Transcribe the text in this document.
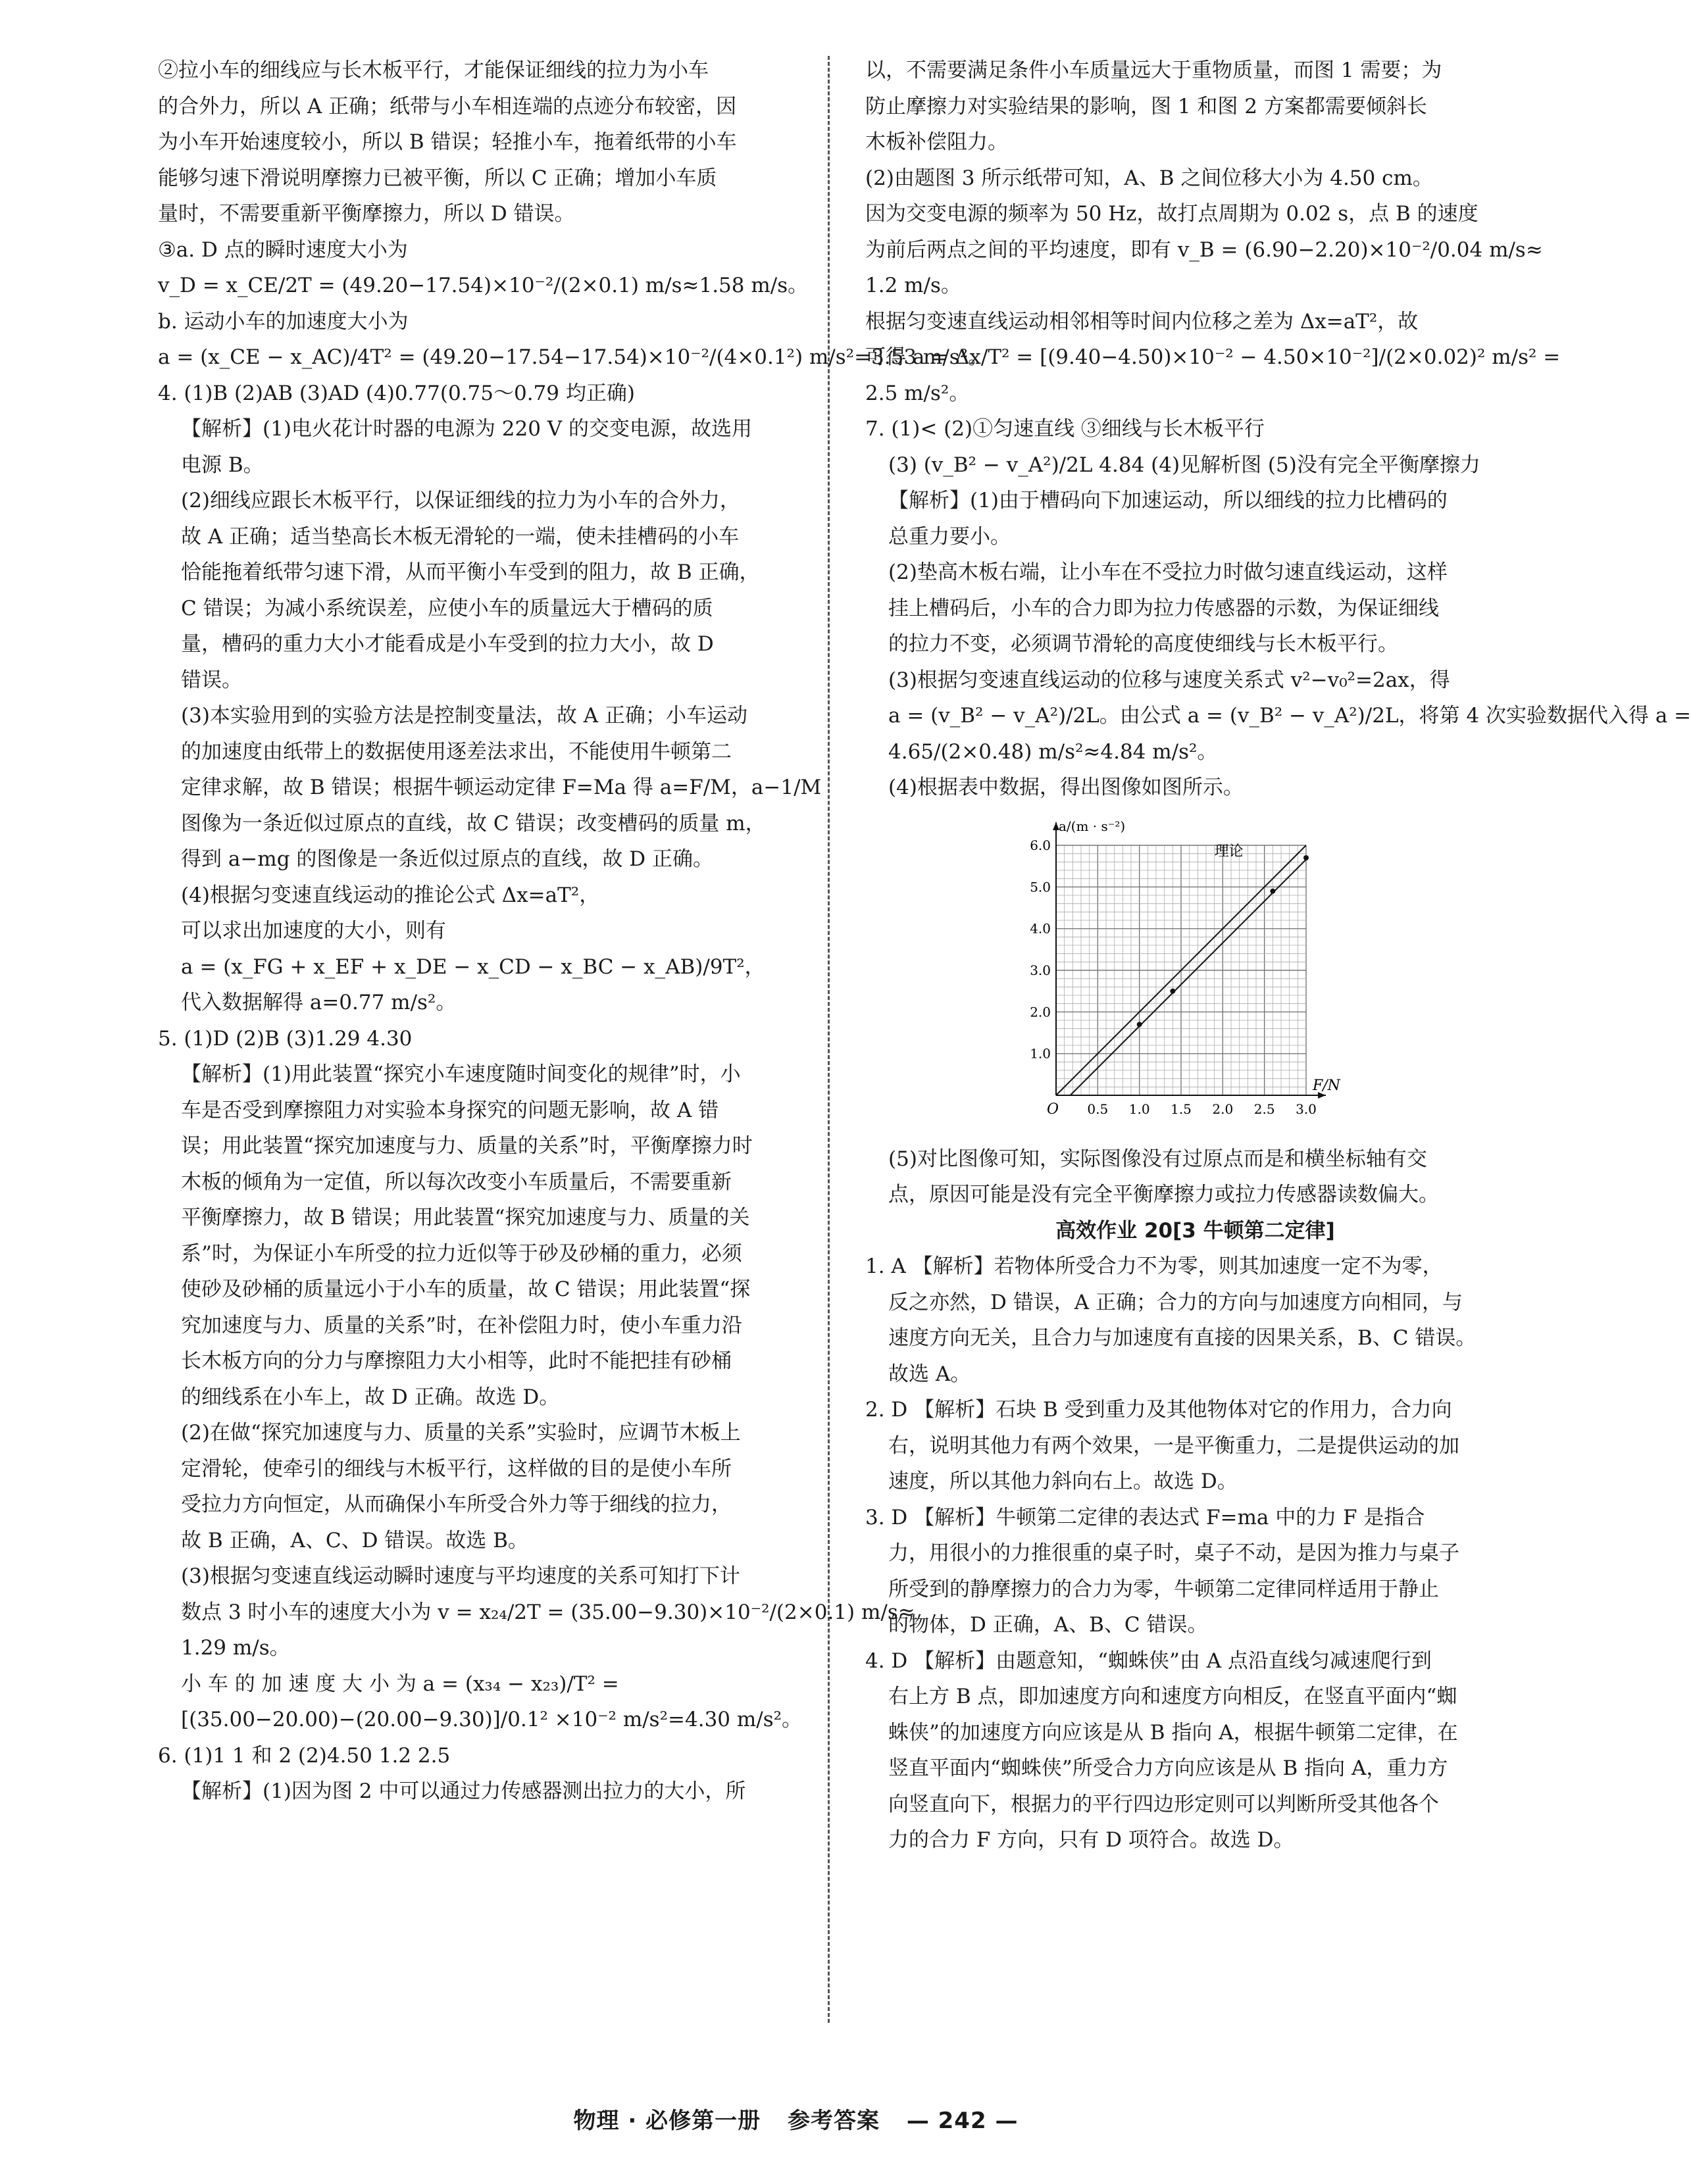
②拉小车的细线应与长木板平行，才能保证细线的拉力为小车

的合外力，所以 A 正确；纸带与小车相连端的点迹分布较密，因

为小车开始速度较小，所以 B 错误；轻推小车，拖着纸带的小车

能够匀速下滑说明摩擦力已被平衡，所以 C 正确；增加小车质

量时，不需要重新平衡摩擦力，所以 D 错误。

③a. D 点的瞬时速度大小为

v_D = x_CE/2T = (49.20−17.54)×10⁻²/(2×0.1) m/s≈1.58 m/s。

b. 运动小车的加速度大小为

a = (x_CE − x_AC)/4T² = (49.20−17.54−17.54)×10⁻²/(4×0.1²) m/s²=3.53 m/s²。

4. (1)B (2)AB (3)AD (4)0.77(0.75～0.79 均正确)

【解析】(1)电火花计时器的电源为 220 V 的交变电源，故选用

电源 B。

(2)细线应跟长木板平行，以保证细线的拉力为小车的合外力，

故 A 正确；适当垫高长木板无滑轮的一端，使未挂槽码的小车

恰能拖着纸带匀速下滑，从而平衡小车受到的阻力，故 B 正确，

C 错误；为减小系统误差，应使小车的质量远大于槽码的质

量，槽码的重力大小才能看成是小车受到的拉力大小，故 D

错误。

(3)本实验用到的实验方法是控制变量法，故 A 正确；小车运动

的加速度由纸带上的数据使用逐差法求出，不能使用牛顿第二

定律求解，故 B 错误；根据牛顿运动定律 F=Ma 得 a=F/M，a−1/M

图像为一条近似过原点的直线，故 C 错误；改变槽码的质量 m，

得到 a−mg 的图像是一条近似过原点的直线，故 D 正确。

(4)根据匀变速直线运动的推论公式 Δx=aT²，

可以求出加速度的大小，则有

a = (x_FG + x_EF + x_DE − x_CD − x_BC − x_AB)/9T²，

代入数据解得 a=0.77 m/s²。

5. (1)D (2)B (3)1.29 4.30

【解析】(1)用此装置“探究小车速度随时间变化的规律”时，小

车是否受到摩擦阻力对实验本身探究的问题无影响，故 A 错

误；用此装置“探究加速度与力、质量的关系”时，平衡摩擦力时

木板的倾角为一定值，所以每次改变小车质量后，不需要重新

平衡摩擦力，故 B 错误；用此装置“探究加速度与力、质量的关

系”时，为保证小车所受的拉力近似等于砂及砂桶的重力，必须

使砂及砂桶的质量远小于小车的质量，故 C 错误；用此装置“探

究加速度与力、质量的关系”时，在补偿阻力时，使小车重力沿

长木板方向的分力与摩擦阻力大小相等，此时不能把挂有砂桶

的细线系在小车上，故 D 正确。故选 D。

(2)在做“探究加速度与力、质量的关系”实验时，应调节木板上

定滑轮，使牵引的细线与木板平行，这样做的目的是使小车所

受拉力方向恒定，从而确保小车所受合外力等于细线的拉力，

故 B 正确，A、C、D 错误。故选 B。

(3)根据匀变速直线运动瞬时速度与平均速度的关系可知打下计

数点 3 时小车的速度大小为 v = x₂₄/2T = (35.00−9.30)×10⁻²/(2×0.1) m/s≈

1.29 m/s。

小 车 的 加 速 度 大 小 为 a = (x₃₄ − x₂₃)/T² =

[(35.00−20.00)−(20.00−9.30)]/0.1² ×10⁻² m/s²=4.30 m/s²。

6. (1)1 1 和 2 (2)4.50 1.2 2.5

【解析】(1)因为图 2 中可以通过力传感器测出拉力的大小，所

以，不需要满足条件小车质量远大于重物质量，而图 1 需要；为

防止摩擦力对实验结果的影响，图 1 和图 2 方案都需要倾斜长

木板补偿阻力。

(2)由题图 3 所示纸带可知，A、B 之间位移大小为 4.50 cm。

因为交变电源的频率为 50 Hz，故打点周期为 0.02 s，点 B 的速度

为前后两点之间的平均速度，即有 v_B = (6.90−2.20)×10⁻²/0.04 m/s≈

1.2 m/s。

根据匀变速直线运动相邻相等时间内位移之差为 Δx=aT²，故

可得 a = Δx/T² = [(9.40−4.50)×10⁻² − 4.50×10⁻²]/(2×0.02)² m/s² =

2.5 m/s²。

7. (1)< (2)①匀速直线 ③细线与长木板平行

(3) (v_B² − v_A²)/2L 4.84 (4)见解析图 (5)没有完全平衡摩擦力

【解析】(1)由于槽码向下加速运动，所以细线的拉力比槽码的

总重力要小。

(2)垫高木板右端，让小车在不受拉力时做匀速直线运动，这样

挂上槽码后，小车的合力即为拉力传感器的示数，为保证细线

的拉力不变，必须调节滑轮的高度使细线与长木板平行。

(3)根据匀变速直线运动的位移与速度关系式 v²−v₀²=2ax，得

a = (v_B² − v_A²)/2L。由公式 a = (v_B² − v_A²)/2L，将第 4 次实验数据代入得 a =

4.65/(2×0.48) m/s²≈4.84 m/s²。

(4)根据表中数据，得出图像如图所示。

0.5 1.0 1.5 2.0 2.5 3.0
1.0
2.0
3.0
4.0
5.0
6.0
O
a/(m · s⁻²)
F/N
理论

(5)对比图像可知，实际图像没有过原点而是和横坐标轴有交

点，原因可能是没有完全平衡摩擦力或拉力传感器读数偏大。

高效作业 20[3 牛顿第二定律]

1. A 【解析】若物体所受合力不为零，则其加速度一定不为零，

反之亦然，D 错误，A 正确；合力的方向与加速度方向相同，与

速度方向无关，且合力与加速度有直接的因果关系，B、C 错误。

故选 A。

2. D 【解析】石块 B 受到重力及其他物体对它的作用力，合力向

右，说明其他力有两个效果，一是平衡重力，二是提供运动的加

速度，所以其他力斜向右上。故选 D。

3. D 【解析】牛顿第二定律的表达式 F=ma 中的力 F 是指合

力，用很小的力推很重的桌子时，桌子不动，是因为推力与桌子

所受到的静摩擦力的合力为零，牛顿第二定律同样适用于静止

的物体，D 正确，A、B、C 错误。

4. D 【解析】由题意知，“蜘蛛侠”由 A 点沿直线匀减速爬行到

右上方 B 点，即加速度方向和速度方向相反，在竖直平面内“蜘

蛛侠”的加速度方向应该是从 B 指向 A，根据牛顿第二定律，在

竖直平面内“蜘蛛侠”所受合力方向应该是从 B 指向 A，重力方

向竖直向下，根据力的平行四边形定则可以判断所受其他各个

力的合力 F 方向，只有 D 项符合。故选 D。

物理 · 必修第一册 参考答案 — 242 —
